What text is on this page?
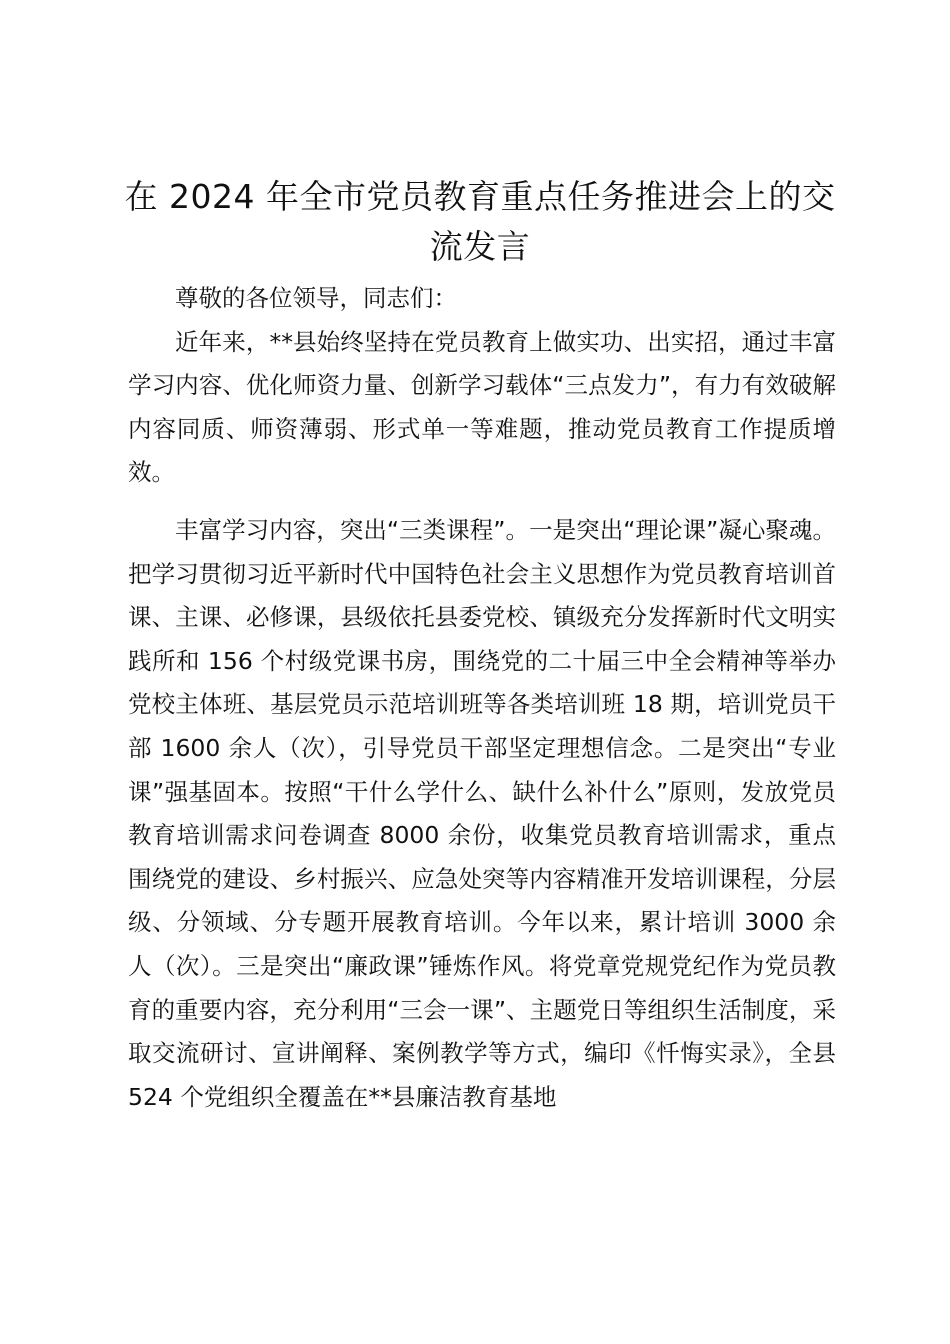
在 2024 年全市党员教育重点任务推进会上的交流发言

尊敬的各位领导，同志们：

近年来，**县始终坚持在党员教育上做实功、出实招，通过丰富学习内容、优化师资力量、创新学习载体“三点发力”，有力有效破解内容同质、师资薄弱、形式单一等难题，推动党员教育工作提质增效。

丰富学习内容，突出“三类课程”。一是突出“理论课”凝心聚魂。把学习贯彻习近平新时代中国特色社会主义思想作为党员教育培训首课、主课、必修课，县级依托县委党校、镇级充分发挥新时代文明实践所和 156 个村级党课书房，围绕党的二十届三中全会精神等举办党校主体班、基层党员示范培训班等各类培训班 18 期，培训党员干部 1600 余人（次），引导党员干部坚定理想信念。二是突出“专业课”强基固本。按照“干什么学什么、缺什么补什么”原则，发放党员教育培训需求问卷调查 8000 余份，收集党员教育培训需求，重点围绕党的建设、乡村振兴、应急处突等内容精准开发培训课程，分层级、分领域、分专题开展教育培训。今年以来，累计培训 3000 余人（次）。三是突出“廉政课”锤炼作风。将党章党规党纪作为党员教育的重要内容，充分利用“三会一课”、主题党日等组织生活制度，采取交流研讨、宣讲阐释、案例教学等方式，编印《忏悔实录》，全县 524 个党组织全覆盖在**县廉洁教育基地
